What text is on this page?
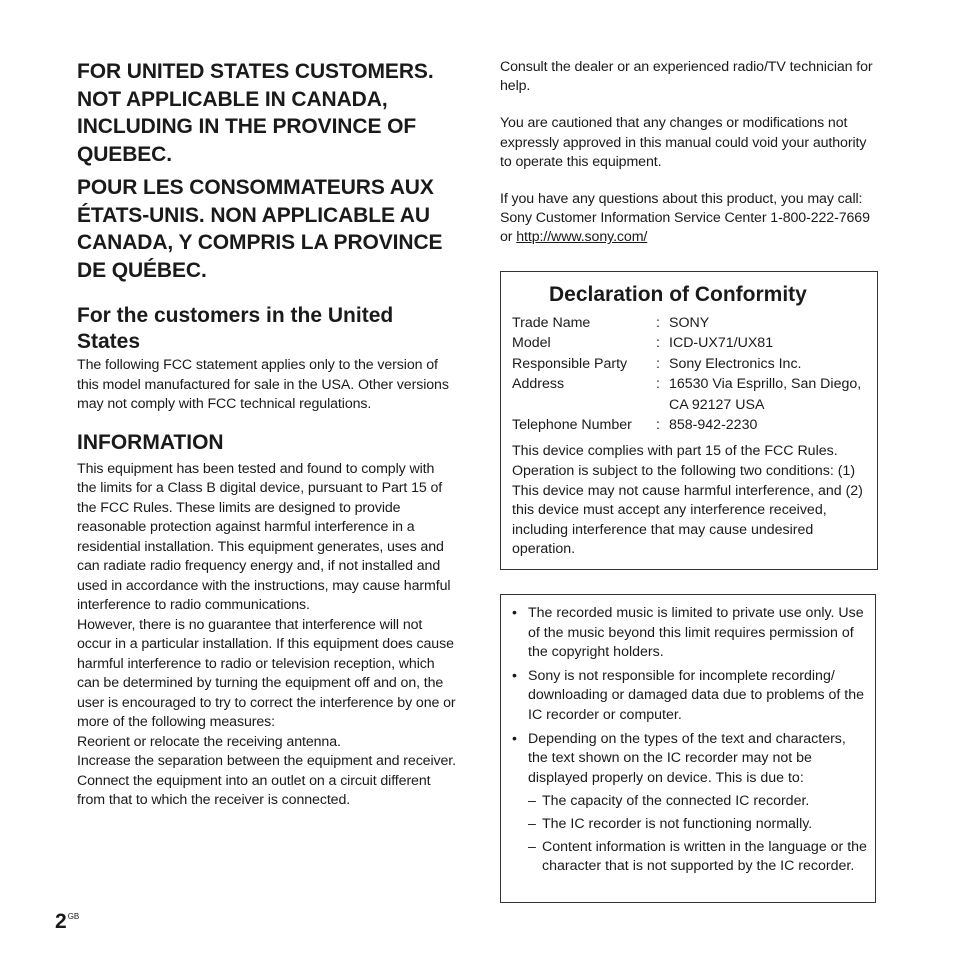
FOR UNITED STATES CUSTOMERS. NOT APPLICABLE IN CANADA, INCLUDING IN THE PROVINCE OF QUEBEC.
POUR LES CONSOMMATEURS AUX ÉTATS-UNIS. NON APPLICABLE AU CANADA, Y COMPRIS LA PROVINCE DE QUÉBEC.
For the customers in the United States

The following FCC statement applies only to the version of this model manufactured for sale in the USA. Other versions may not comply with FCC technical regulations.

INFORMATION

This equipment has been tested and found to comply with the limits for a Class B digital device, pursuant to Part 15 of the FCC Rules. These limits are designed to provide reasonable protection against harmful interference in a residential installation. This equipment generates, uses and can radiate radio frequency energy and, if not installed and used in accordance with the instructions, may cause harmful interference to radio communications.

However, there is no guarantee that interference will not occur in a particular installation. If this equipment does cause harmful interference to radio or television reception, which can be determined by turning the equipment off and on, the user is encouraged to try to correct the interference by one or more of the following measures:

Reorient or relocate the receiving antenna.

Increase the separation between the equipment and receiver.

Connect the equipment into an outlet on a circuit different from that to which the receiver is connected.

Consult the dealer or an experienced radio/TV technician for help.

You are cautioned that any changes or modifications not expressly approved in this manual could void your authority to operate this equipment.

If you have any questions about this product, you may call: Sony Customer Information Service Center 1-800-222-7669 or http://www.sony.com/

Declaration of Conformity
Trade Name	: SONY
Model	: ICD-UX71/UX81
Responsible Party	: Sony Electronics Inc.
Address	: 16530 Via Esprillo, San Diego, CA 92127 USA
Telephone Number	: 858-942-2230

This device complies with part 15 of the FCC Rules. Operation is subject to the following two conditions: (1) This device may not cause harmful interference, and (2) this device must accept any interference received, including interference that may cause undesired operation.

• The recorded music is limited to private use only. Use of the music beyond this limit requires permission of the copyright holders.
• Sony is not responsible for incomplete recording/ downloading or damaged data due to problems of the IC recorder or computer.
• Depending on the types of the text and characters, the text shown on the IC recorder may not be displayed properly on device. This is due to:
– The capacity of the connected IC recorder.
– The IC recorder is not functioning normally.
– Content information is written in the language or the character that is not supported by the IC recorder.
$2^{GB}$
